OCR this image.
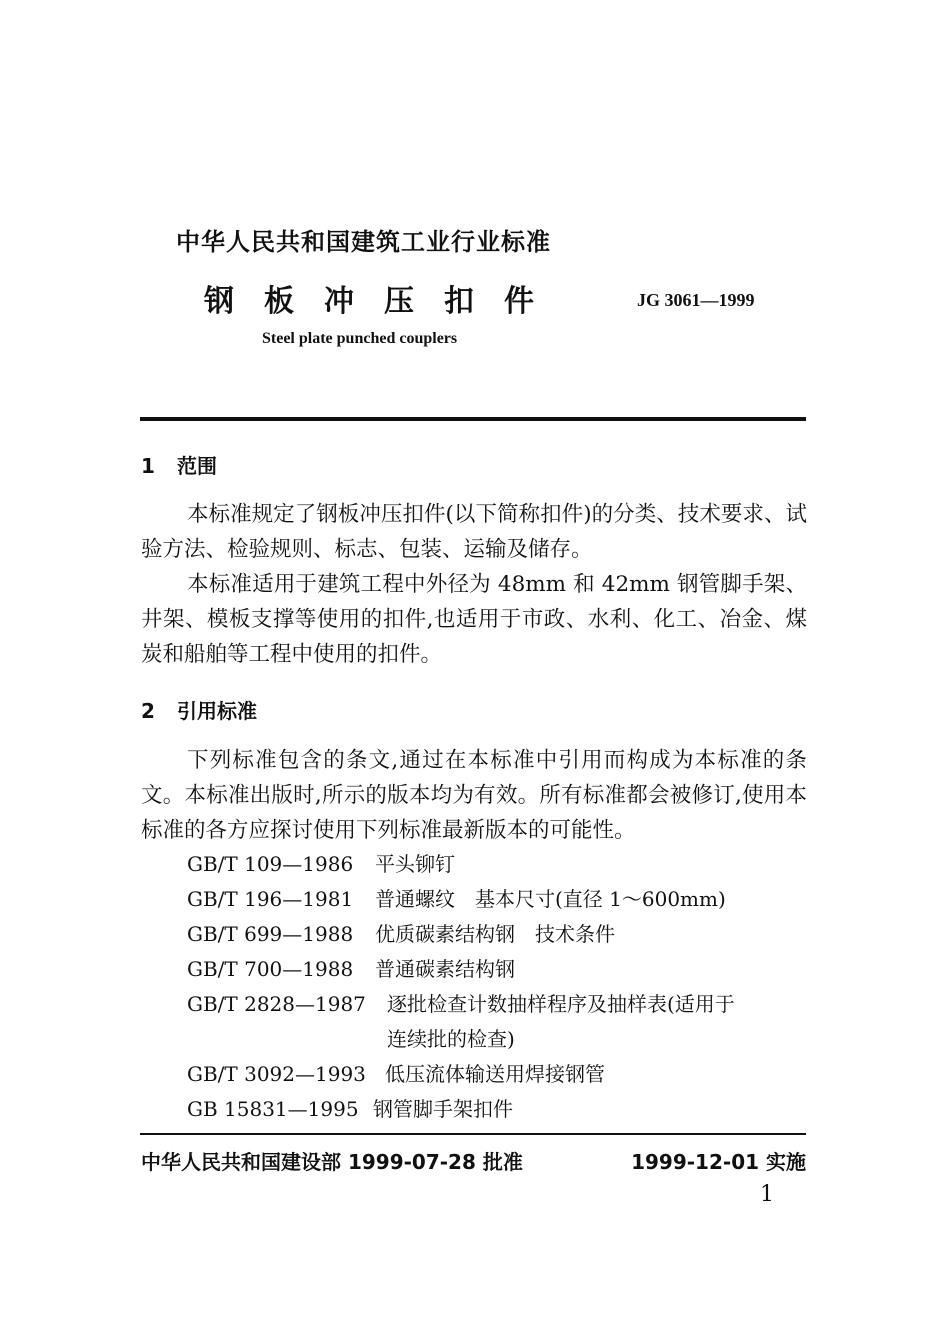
中华人民共和国建筑工业行业标准
钢板冲压扣件	JG 3061—1999
Steel plate punched couplers
1 范围

本标准规定了钢板冲压扣件(以下简称扣件)的分类、技术要求、试验方法、检验规则、标志、包装、运输及储存。

本标准适用于建筑工程中外径为 48mm 和 42mm 钢管脚手架、井架、模板支撑等使用的扣件,也适用于市政、水利、化工、冶金、煤炭和船舶等工程中使用的扣件。

2 引用标准

下列标准包含的条文,通过在本标准中引用而构成为本标准的条文。本标准出版时,所示的版本均为有效。所有标准都会被修订,使用本标准的各方应探讨使用下列标准最新版本的可能性。

GB/T 109—1986 平头铆钉
GB/T 196—1981 普通螺纹　基本尺寸(直径 1～600mm)
GB/T 699—1988 优质碳素结构钢　技术条件
GB/T 700—1988 普通碳素结构钢
GB/T 2828—1987 逐批检查计数抽样程序及抽样表(适用于
连续批的检查)
GB/T 3092—1993 低压流体输送用焊接钢管
GB 15831—1995 钢管脚手架扣件
中华人民共和国建设部 1999-07-28 批准	1999-12-01 实施
1
